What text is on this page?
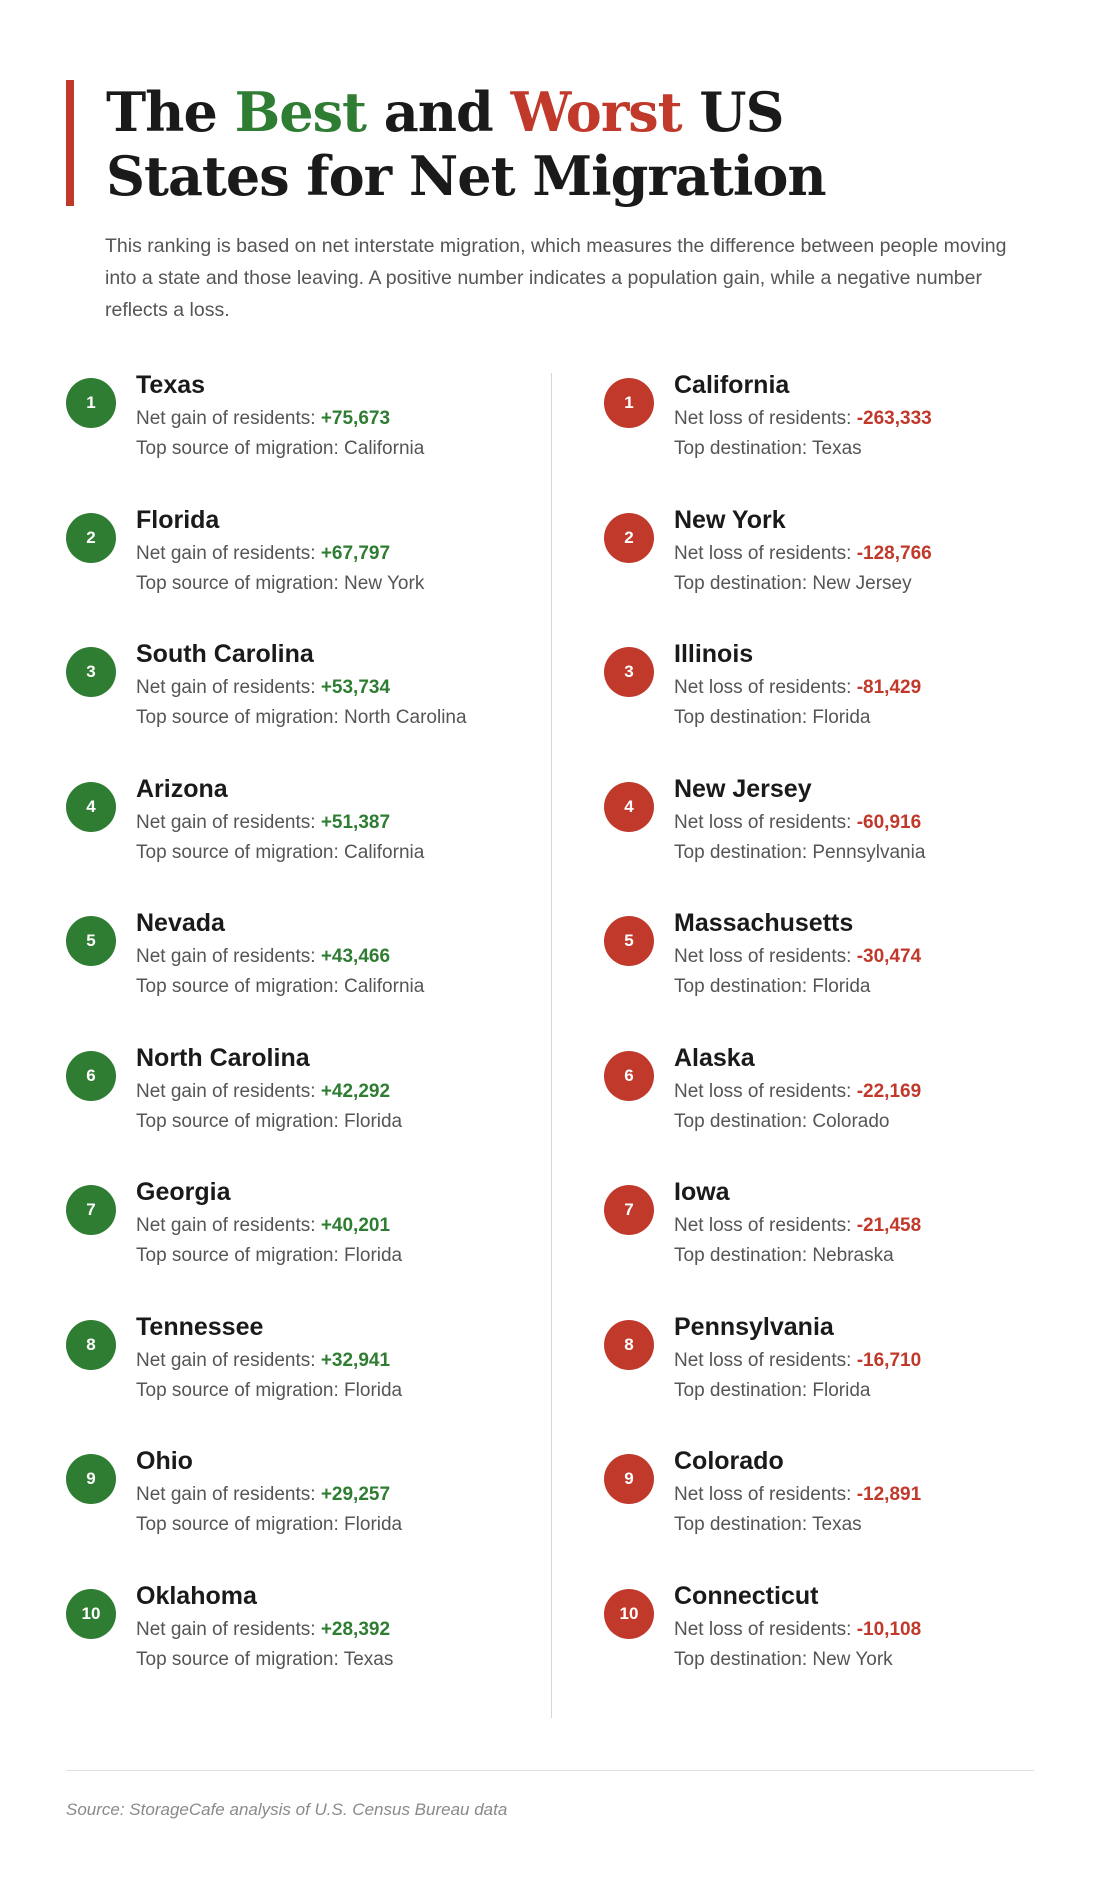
The Best and Worst US
States for Net Migration

This ranking is based on net interstate migration, which measures the difference between people moving into a state and those leaving. A positive number indicates a population gain, while a negative number reflects a loss.

1
Texas
Net gain of residents: +75,673
Top source of migration: California
2
Florida
Net gain of residents: +67,797
Top source of migration: New York
3
South Carolina
Net gain of residents: +53,734
Top source of migration: North Carolina
4
Arizona
Net gain of residents: +51,387
Top source of migration: California
5
Nevada
Net gain of residents: +43,466
Top source of migration: California
6
North Carolina
Net gain of residents: +42,292
Top source of migration: Florida
7
Georgia
Net gain of residents: +40,201
Top source of migration: Florida
8
Tennessee
Net gain of residents: +32,941
Top source of migration: Florida
9
Ohio
Net gain of residents: +29,257
Top source of migration: Florida
10
Oklahoma
Net gain of residents: +28,392
Top source of migration: Texas
1
California
Net loss of residents: -263,333
Top destination: Texas
2
New York
Net loss of residents: -128,766
Top destination: New Jersey
3
Illinois
Net loss of residents: -81,429
Top destination: Florida
4
New Jersey
Net loss of residents: -60,916
Top destination: Pennsylvania
5
Massachusetts
Net loss of residents: -30,474
Top destination: Florida
6
Alaska
Net loss of residents: -22,169
Top destination: Colorado
7
Iowa
Net loss of residents: -21,458
Top destination: Nebraska
8
Pennsylvania
Net loss of residents: -16,710
Top destination: Florida
9
Colorado
Net loss of residents: -12,891
Top destination: Texas
10
Connecticut
Net loss of residents: -10,108
Top destination: New York

Source: StorageCafe analysis of U.S. Census Bureau data
